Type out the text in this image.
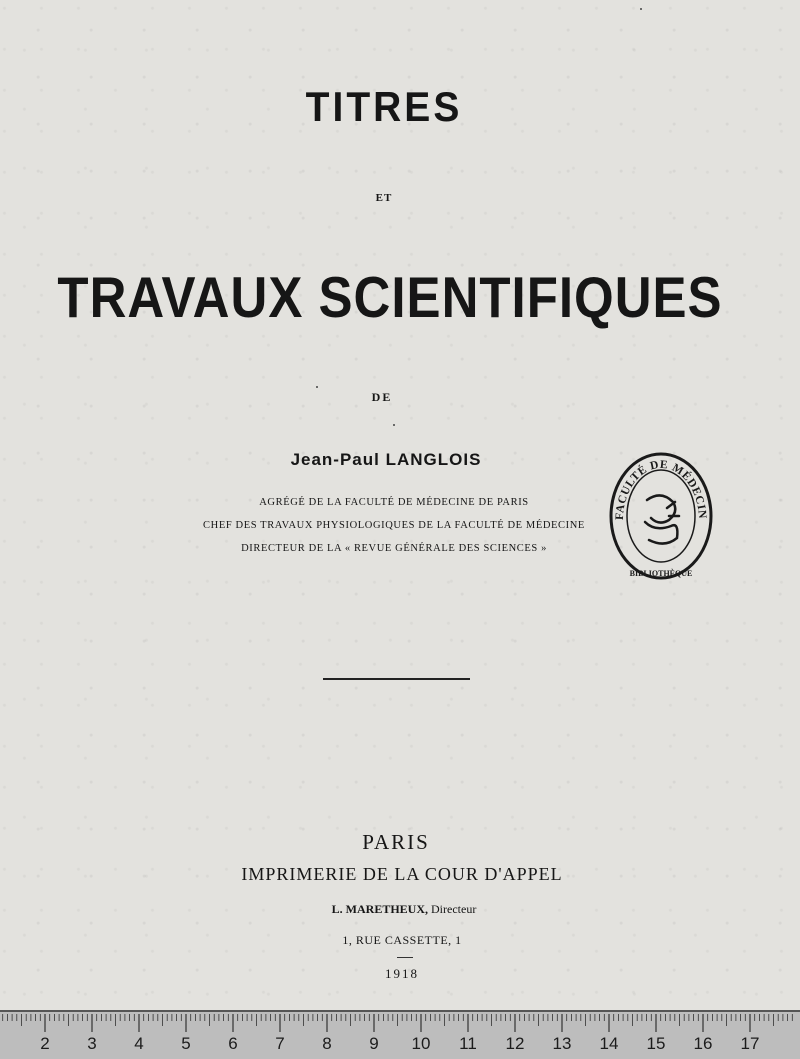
TITRES
ET
TRAVAUX SCIENTIFIQUES
DE
Jean-Paul LANGLOIS
AGRÉGÉ DE LA FACULTÉ DE MÉDECINE DE PARIS
CHEF DES TRAVAUX PHYSIOLOGIQUES DE LA FACULTÉ DE MÉDECINE
DIRECTEUR DE LA « REVUE GÉNÉRALE DES SCIENCES »
FACULTÉ DE MÉDECIN
BIBLIOTHÈQUE
PARIS
IMPRIMERIE DE LA COUR D'APPEL
L. MARETHEUX, Directeur
1, RUE CASSETTE, 1
1918
2 3 4 5 6 7 8 9 10 11 12 13 14 15 16 17
